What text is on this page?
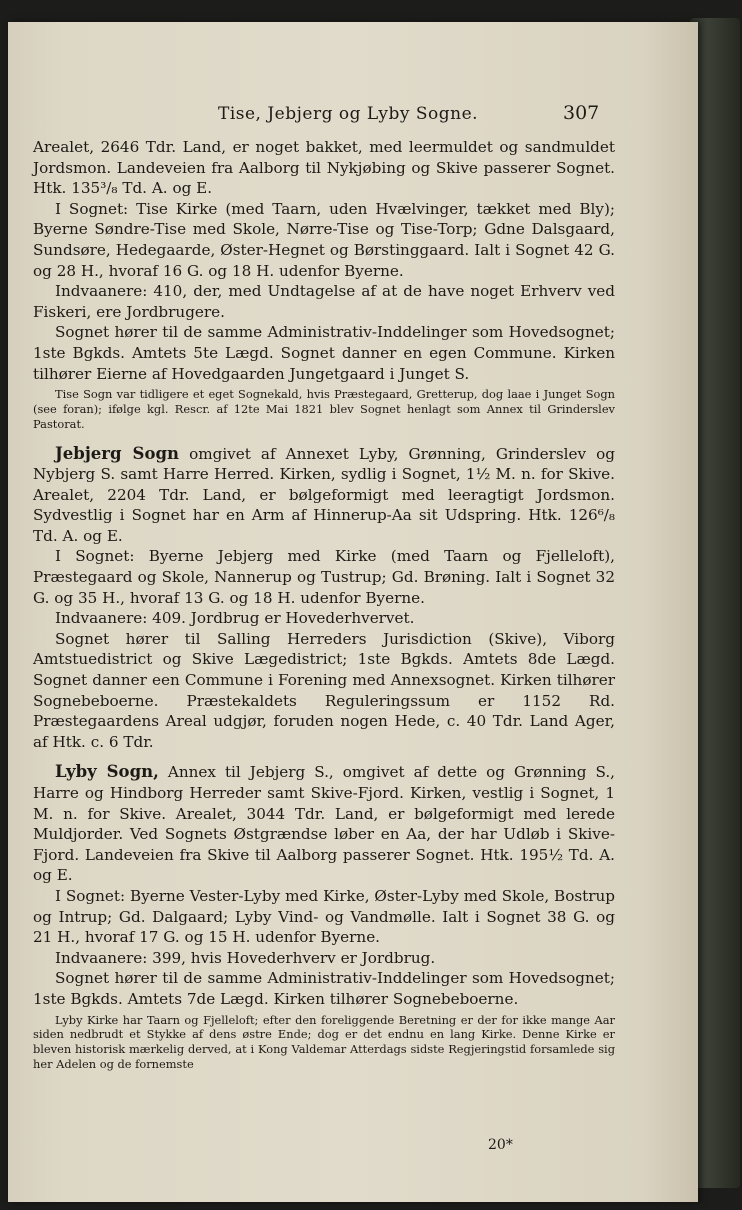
Tise, Jebjerg og Lyby Sogne.	307

Arealet, 2646 Tdr. Land, er noget bakket, med leermuldet og sandmuldet Jordsmon. Landeveien fra Aalborg til Nykjøbing og Skive passerer Sognet. Htk. 135³/₈ Td. A. og E.

I Sognet: Tise Kirke (med Taarn, uden Hvælvinger, tækket med Bly); Byerne Søndre-Tise med Skole, Nørre-Tise og Tise-Torp; Gdne Dalsgaard, Sundsøre, Hedegaarde, Øster-Hegnet og Børstinggaard. Ialt i Sognet 42 G. og 28 H., hvoraf 16 G. og 18 H. udenfor Byerne.

Indvaanere: 410, der, med Undtagelse af at de have noget Erhverv ved Fiskeri, ere Jordbrugere.

Sognet hører til de samme Administrativ-Inddelinger som Hovedsognet; 1ste Bgkds. Amtets 5te Lægd. Sognet danner en egen Commune. Kirken tilhører Eierne af Hovedgaarden Jungetgaard i Junget S.

Tise Sogn var tidligere et eget Sognekald, hvis Præstegaard, Gretterup, dog laae i Junget Sogn (see foran); ifølge kgl. Rescr. af 12te Mai 1821 blev Sognet henlagt som Annex til Grinderslev Pastorat.

Jebjerg Sogn omgivet af Annexet Lyby, Grønning, Grinderslev og Nybjerg S. samt Harre Herred. Kirken, sydlig i Sognet, 1½ M. n. for Skive. Arealet, 2204 Tdr. Land, er bølgeformigt med leeragtigt Jordsmon. Sydvestlig i Sognet har en Arm af Hinnerup-Aa sit Udspring. Htk. 126⁶/₈ Td. A. og E.

I Sognet: Byerne Jebjerg med Kirke (med Taarn og Fjelleloft), Præstegaard og Skole, Nannerup og Tustrup; Gd. Brøning. Ialt i Sognet 32 G. og 35 H., hvoraf 13 G. og 18 H. udenfor Byerne.

Indvaanere: 409. Jordbrug er Hovederhvervet.

Sognet hører til Salling Herreders Jurisdiction (Skive), Viborg Amtstuedistrict og Skive Lægedistrict; 1ste Bgkds. Amtets 8de Lægd. Sognet danner een Commune i Forening med Annexsognet. Kirken tilhører Sognebeboerne. Præstekaldets Reguleringssum er 1152 Rd. Præstegaardens Areal udgjør, foruden nogen Hede, c. 40 Tdr. Land Ager, af Htk. c. 6 Tdr.

Lyby Sogn, Annex til Jebjerg S., omgivet af dette og Grønning S., Harre og Hindborg Herreder samt Skive-Fjord. Kirken, vestlig i Sognet, 1 M. n. for Skive. Arealet, 3044 Tdr. Land, er bølgeformigt med lerede Muldjorder. Ved Sognets Østgrændse løber en Aa, der har Udløb i Skive-Fjord. Landeveien fra Skive til Aalborg passerer Sognet. Htk. 195½ Td. A. og E.

I Sognet: Byerne Vester-Lyby med Kirke, Øster-Lyby med Skole, Bostrup og Intrup; Gd. Dalgaard; Lyby Vind- og Vandmølle. Ialt i Sognet 38 G. og 21 H., hvoraf 17 G. og 15 H. udenfor Byerne.

Indvaanere: 399, hvis Hovederhverv er Jordbrug.

Sognet hører til de samme Administrativ-Inddelinger som Hovedsognet; 1ste Bgkds. Amtets 7de Lægd. Kirken tilhører Sognebeboerne.

Lyby Kirke har Taarn og Fjelleloft; efter den foreliggende Beretning er der for ikke mange Aar siden nedbrudt et Stykke af dens østre Ende; dog er det endnu en lang Kirke. Denne Kirke er bleven historisk mærkelig derved, at i Kong Valdemar Atterdags sidste Regjeringstid forsamlede sig her Adelen og de fornemste

20*
